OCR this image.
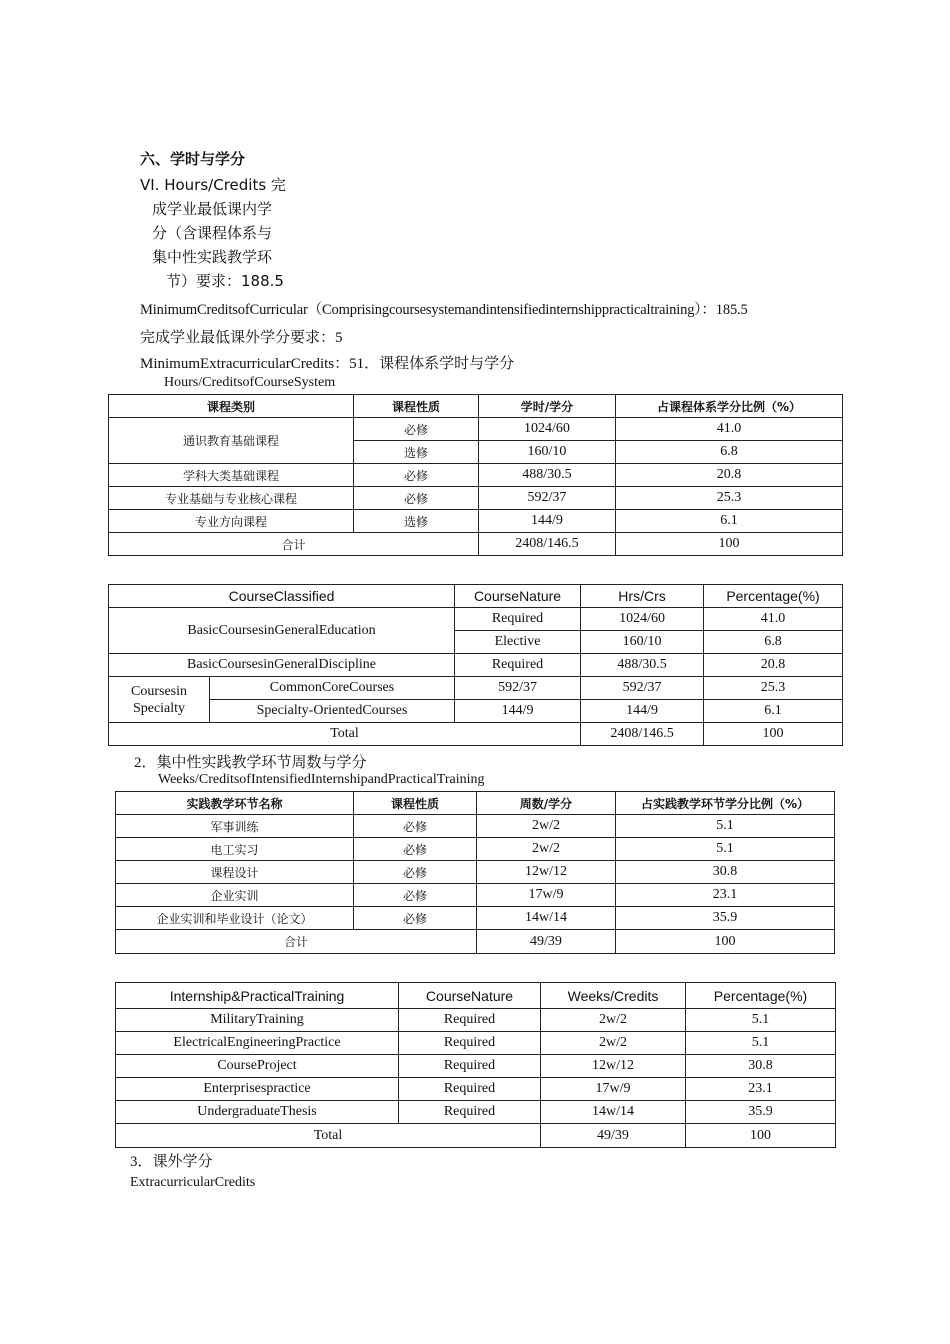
六、学时与学分
VI. Hours/Credits 完
成学业最低课内学
分（含课程体系与
集中性实践教学环
节）要求：188.5
MinimumCreditsofCurricular（Comprisingcoursesystemandintensifiedinternshippracticaltraining）：185.5
完成学业最低课外学分要求：5
MinimumExtracurricularCredits：51．课程体系学时与学分
Hours/CreditsofCourseSystem
课程类别	课程性质	学时/学分	占课程体系学分比例（%）
通识教育基础课程	必修	1024/60	41.0
	选修	160/10	6.8
学科大类基础课程	必修	488/30.5	20.8
专业基础与专业核心课程	必修	592/37	25.3
专业方向课程	选修	144/9	6.1
合计		2408/146.5	100
CourseClassified		CourseNature	Hrs/Crs	Percentage(%)
BasicCoursesinGeneralEducation		Required	1024/60	41.0
		Elective	160/10	6.8
BasicCoursesinGeneralDiscipline		Required	488/30.5	20.8
Coursesin
Specialty	CommonCoreCourses	592/37	592/37	25.3
	Specialty-OrientedCourses	144/9	144/9	6.1
Total			2408/146.5	100
2．集中性实践教学环节周数与学分
Weeks/CreditsofIntensifiedInternshipandPracticalTraining
实践教学环节名称	课程性质	周数/学分	占实践教学环节学分比例（%）
军事训练	必修	2w/2	5.1
电工实习	必修	2w/2	5.1
课程设计	必修	12w/12	30.8
企业实训	必修	17w/9	23.1
企业实训和毕业设计（论文）	必修	14w/14	35.9
合计		49/39	100
Internship&PracticalTraining	CourseNature	Weeks/Credits	Percentage(%)
MilitaryTraining	Required	2w/2	5.1
ElectricalEngineeringPractice	Required	2w/2	5.1
CourseProject	Required	12w/12	30.8
Enterprisespractice	Required	17w/9	23.1
UndergraduateThesis	Required	14w/14	35.9
Total		49/39	100
3．课外学分
ExtracurricularCredits
